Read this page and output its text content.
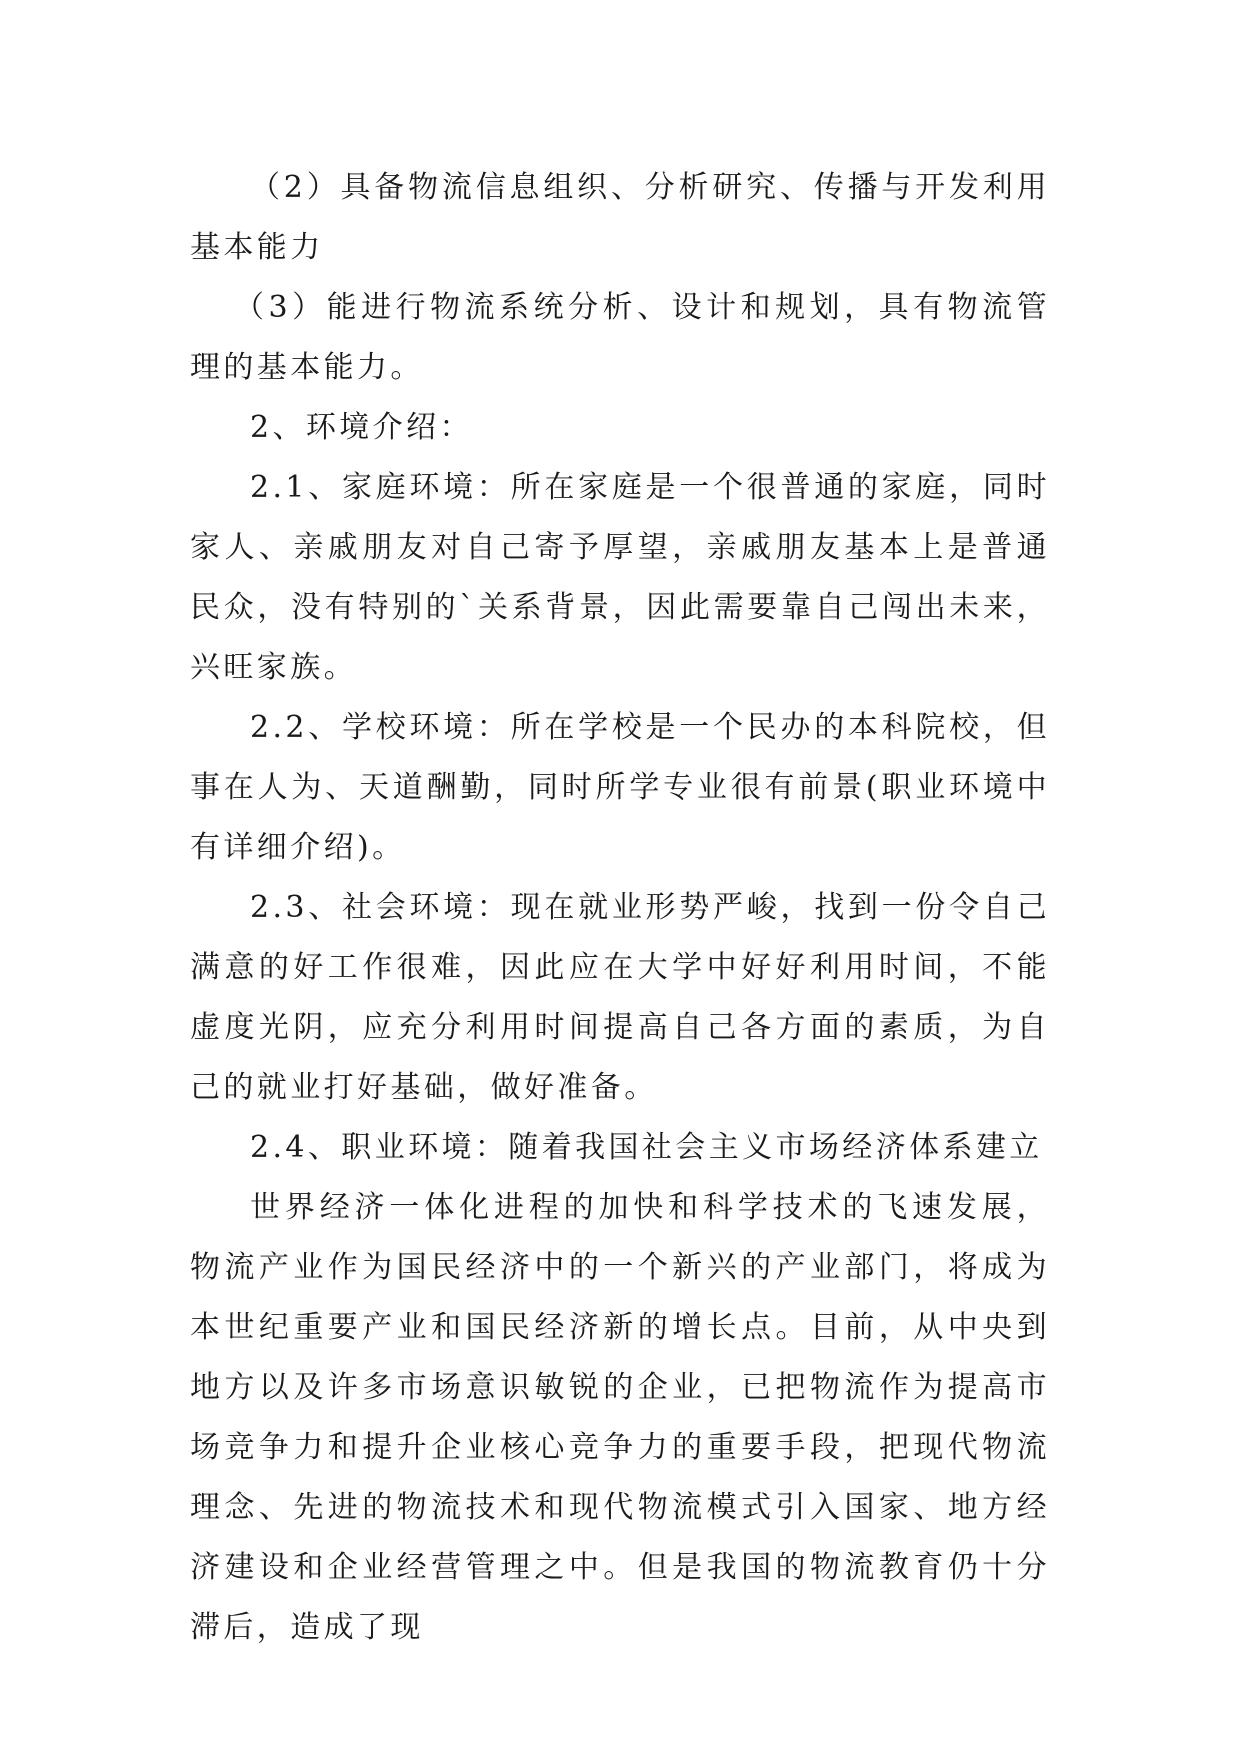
（2）具备物流信息组织、分析研究、传播与开发利用基本能力

（3）能进行物流系统分析、设计和规划，具有物流管理的基本能力。

2、环境介绍：

2.1、家庭环境：所在家庭是一个很普通的家庭，同时家人、亲戚朋友对自己寄予厚望，亲戚朋友基本上是普通民众，没有特别的`关系背景，因此需要靠自己闯出未来，兴旺家族。

2.2、学校环境：所在学校是一个民办的本科院校，但事在人为、天道酬勤，同时所学专业很有前景(职业环境中有详细介绍)。

2.3、社会环境：现在就业形势严峻，找到一份令自己满意的好工作很难，因此应在大学中好好利用时间，不能虚度光阴，应充分利用时间提高自己各方面的素质，为自己的就业打好基础，做好准备。

2.4、职业环境：随着我国社会主义市场经济体系建立

世界经济一体化进程的加快和科学技术的飞速发展，物流产业作为国民经济中的一个新兴的产业部门，将成为本世纪重要产业和国民经济新的增长点。目前，从中央到地方以及许多市场意识敏锐的企业，已把物流作为提高市场竞争力和提升企业核心竞争力的重要手段，把现代物流理念、先进的物流技术和现代物流模式引入国家、地方经济建设和企业经营管理之中。但是我国的物流教育仍十分滞后，造成了现
